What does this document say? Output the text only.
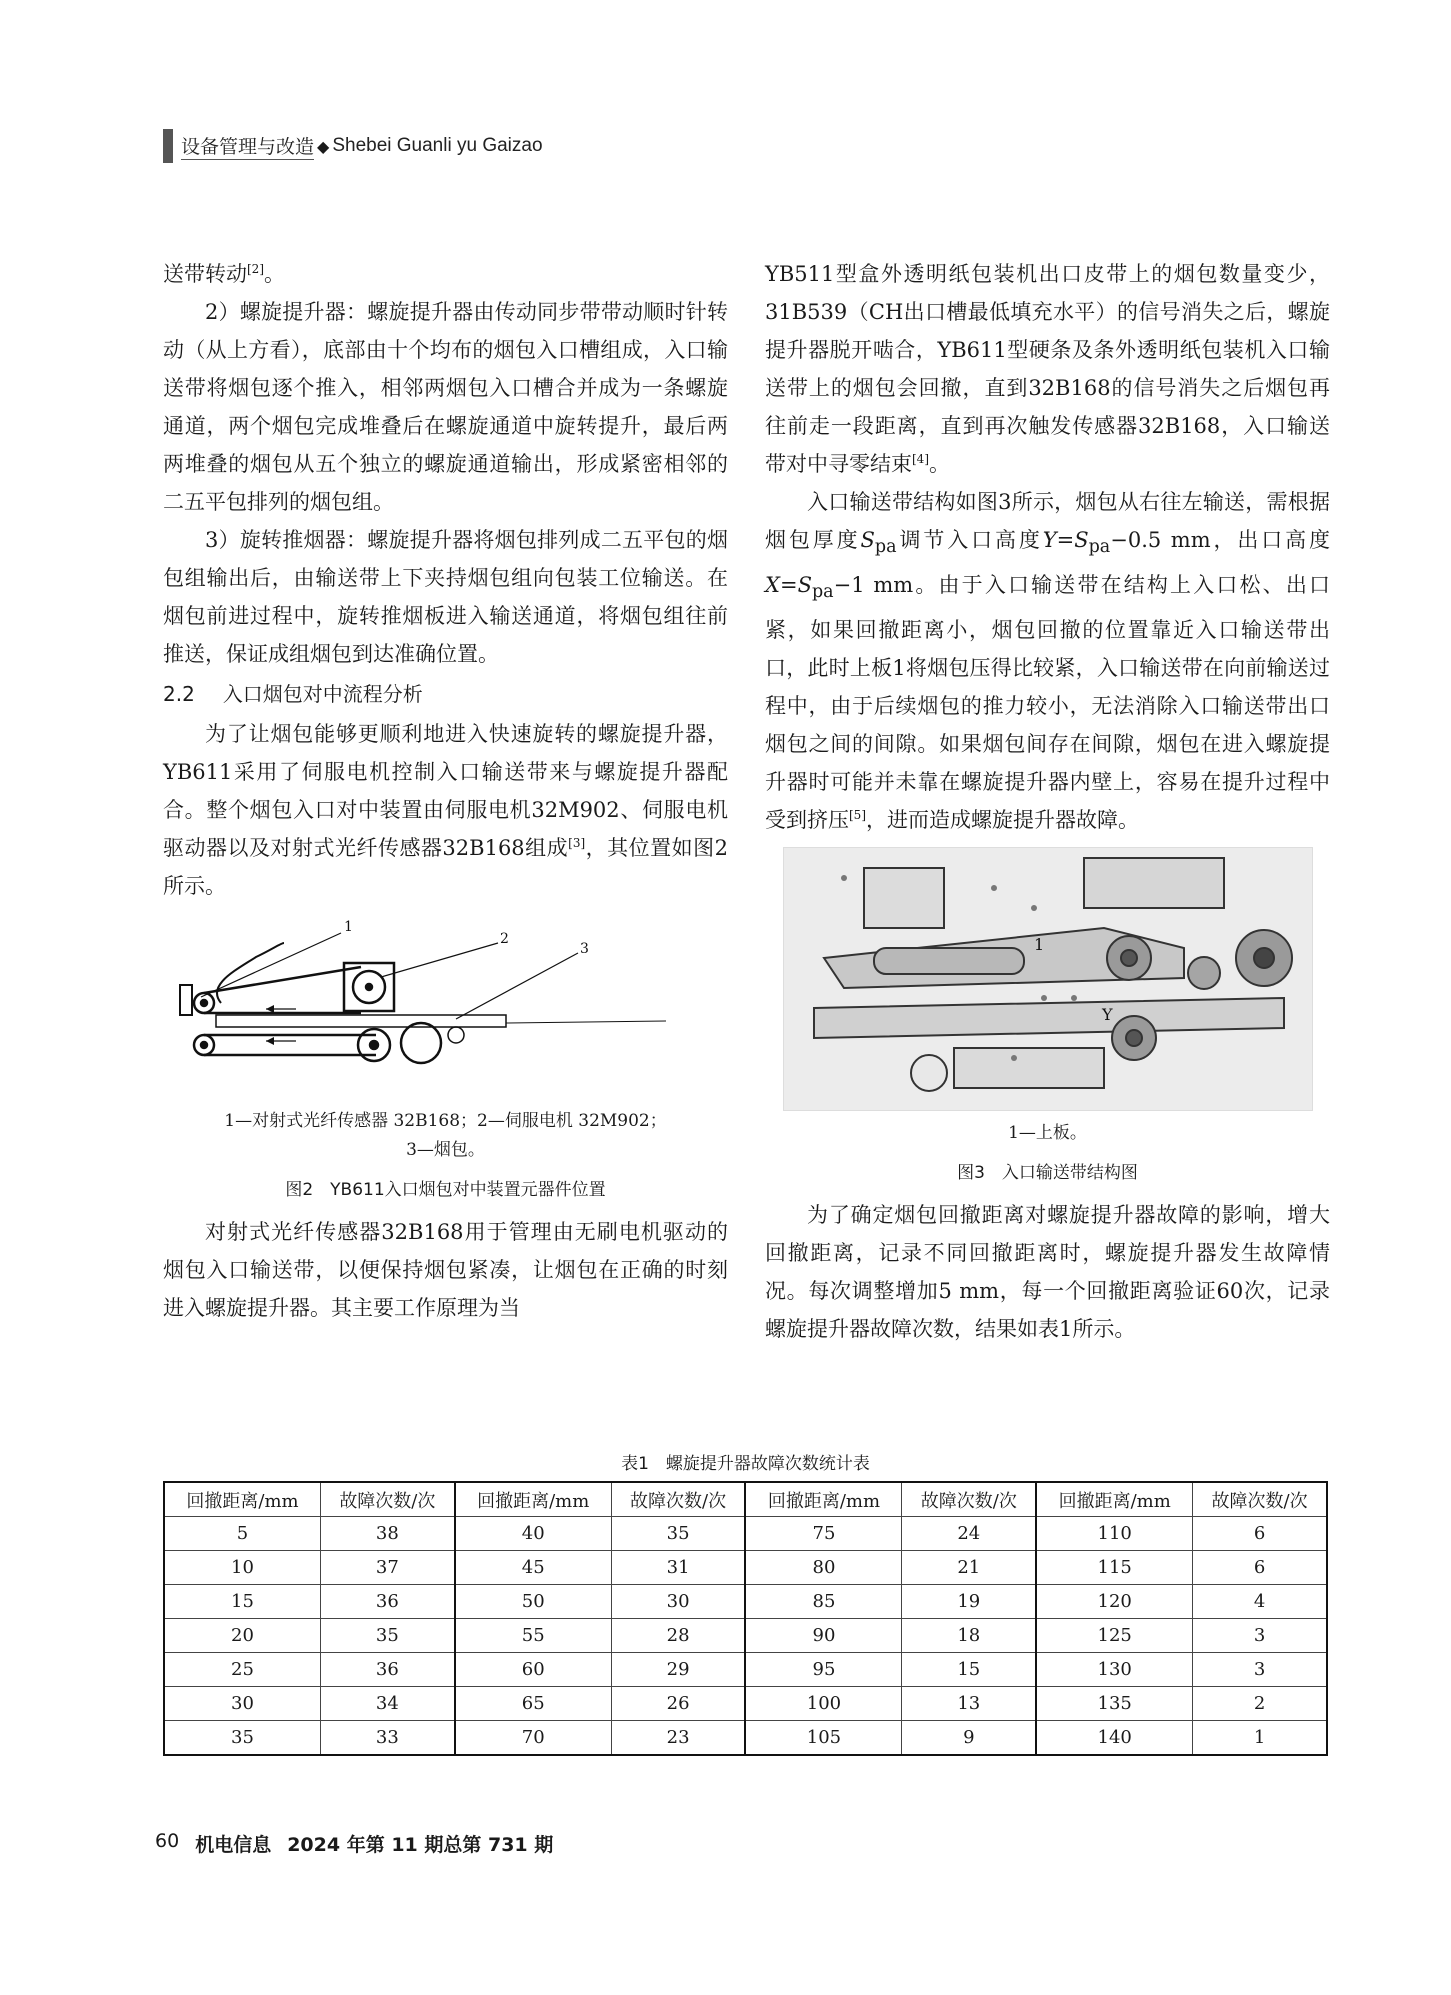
设备管理与改造 ◆ Shebei Guanli yu Gaizao

送带转动[2]。

2）螺旋提升器：螺旋提升器由传动同步带带动顺时针转动（从上方看），底部由十个均布的烟包入口槽组成，入口输送带将烟包逐个推入，相邻两烟包入口槽合并成为一条螺旋通道，两个烟包完成堆叠后在螺旋通道中旋转提升，最后两两堆叠的烟包从五个独立的螺旋通道输出，形成紧密相邻的二五平包排列的烟包组。

3）旋转推烟器：螺旋提升器将烟包排列成二五平包的烟包组输出后，由输送带上下夹持烟包组向包装工位输送。在烟包前进过程中，旋转推烟板进入输送通道，将烟包组往前推送，保证成组烟包到达准确位置。

2.2 入口烟包对中流程分析

为了让烟包能够更顺利地进入快速旋转的螺旋提升器，YB611采用了伺服电机控制入口输送带来与螺旋提升器配合。整个烟包入口对中装置由伺服电机32M902、伺服电机驱动器以及对射式光纤传感器32B168组成[3]，其位置如图2所示。

1
2
3
1—对射式光纤传感器 32B168；2—伺服电机 32M902；
3—烟包。
图2　YB611入口烟包对中装置元器件位置

对射式光纤传感器32B168用于管理由无刷电机驱动的烟包入口输送带，以便保持烟包紧凑，让烟包在正确的时刻进入螺旋提升器。其主要工作原理为当

YB511型盒外透明纸包装机出口皮带上的烟包数量变少，31B539（CH出口槽最低填充水平）的信号消失之后，螺旋提升器脱开啮合，YB611型硬条及条外透明纸包装机入口输送带上的烟包会回撤，直到32B168的信号消失之后烟包再往前走一段距离，直到再次触发传感器32B168，入口输送带对中寻零结束[4]。

入口输送带结构如图3所示，烟包从右往左输送，需根据烟包厚度$S_{pa}$调节入口高度$Y=S_{pa}-0.5$ mm，出口高度$X=S_{pa}-1$ mm。由于入口输送带在结构上入口松、出口紧，如果回撤距离小，烟包回撤的位置靠近入口输送带出口，此时上板1将烟包压得比较紧，入口输送带在向前输送过程中，由于后续烟包的推力较小，无法消除入口输送带出口烟包之间的间隙。如果烟包间存在间隙，烟包在进入螺旋提升器时可能并未靠在螺旋提升器内壁上，容易在提升过程中受到挤压[5]，进而造成螺旋提升器故障。

1
Y
1—上板。
图3　入口输送带结构图

为了确定烟包回撤距离对螺旋提升器故障的影响，增大回撤距离，记录不同回撤距离时，螺旋提升器发生故障情况。每次调整增加5 mm，每一个回撤距离验证60次，记录螺旋提升器故障次数，结果如表1所示。

表1　螺旋提升器故障次数统计表
回撤距离/mm	故障次数/次	回撤距离/mm	故障次数/次	回撤距离/mm	故障次数/次	回撤距离/mm	故障次数/次
5	38	40	35	75	24	110	6
10	37	45	31	80	21	115	6
15	36	50	30	85	19	120	4
20	35	55	28	90	18	125	3
25	36	60	29	95	15	130	3
30	34	65	26	100	13	135	2
35	33	70	23	105	9	140	1
60 机电信息 2024 年第 11 期总第 731 期
